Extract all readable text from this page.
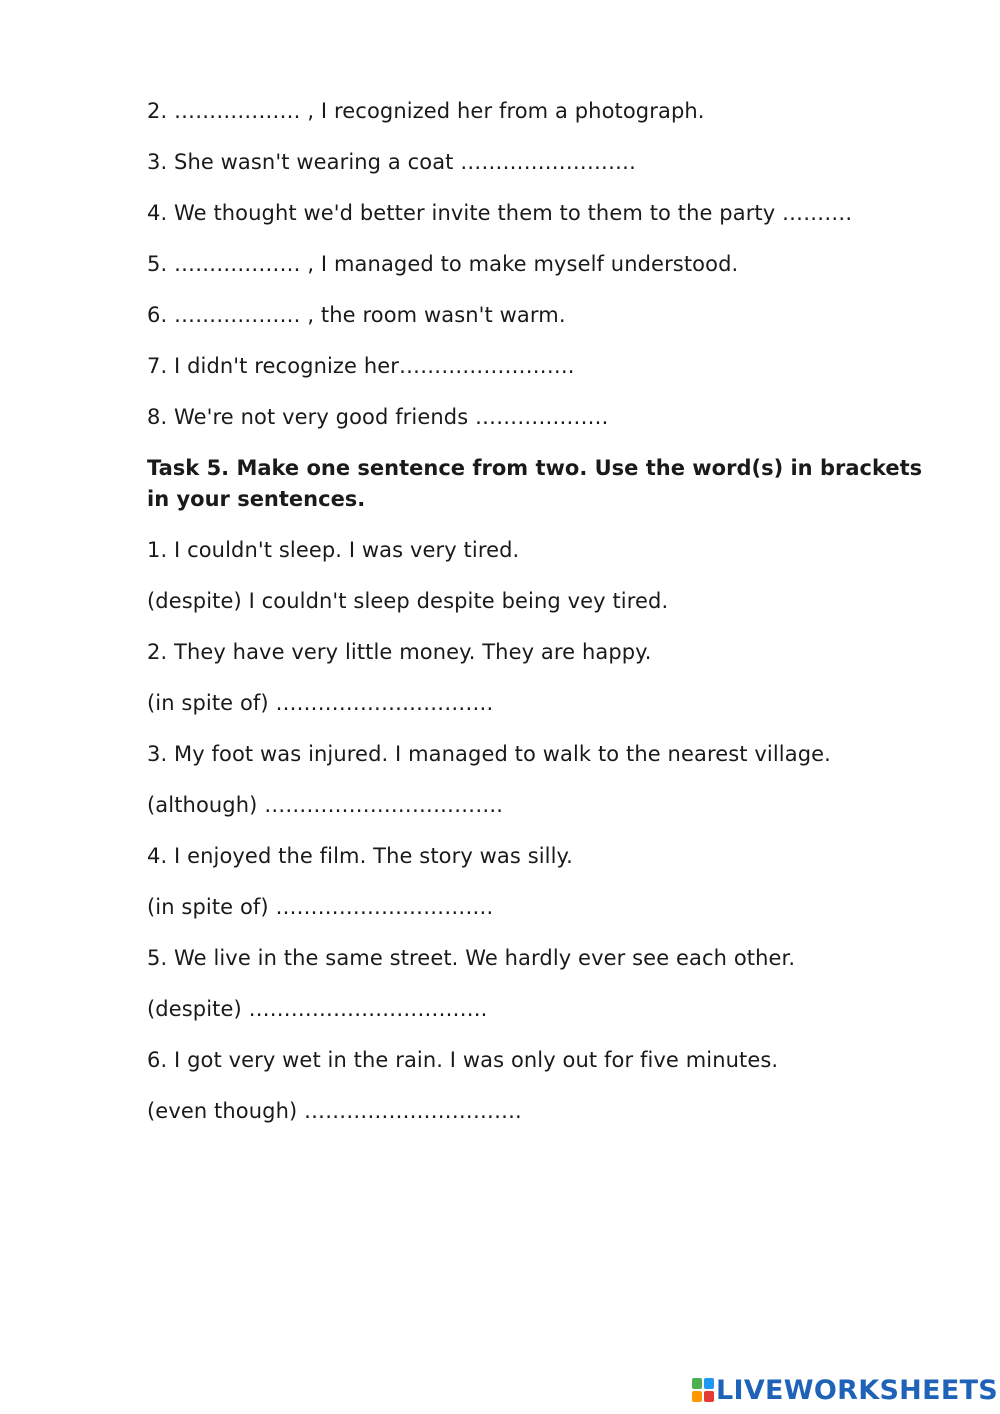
2. ……………… , I recognized her from a photograph.
3. She wasn't wearing a coat …………………….
4. We thought we'd better invite them to them to the party ……….
5. ……………… , I managed to make myself understood.
6. ……………… , the room wasn't warm.
7. I didn't recognize her…………………….
8. We're not very good friends ……………….
Task 5. Make one sentence from two. Use the word(s) in brackets in your sentences.
1. I couldn't sleep. I was very tired.
(despite) I couldn't sleep despite being vey tired.
2. They have very little money. They are happy.
(in spite of) ………………………….
3. My foot was injured. I managed to walk to the nearest village.
(although) …………………………….
4. I enjoyed the film. The story was silly.
(in spite of) ………………………….
5. We live in the same street. We hardly ever see each other.
(despite) …………………………….
6. I got very wet in the rain. I was only out for five minutes.
(even though) ………………………….
LIVEWORKSHEETS
